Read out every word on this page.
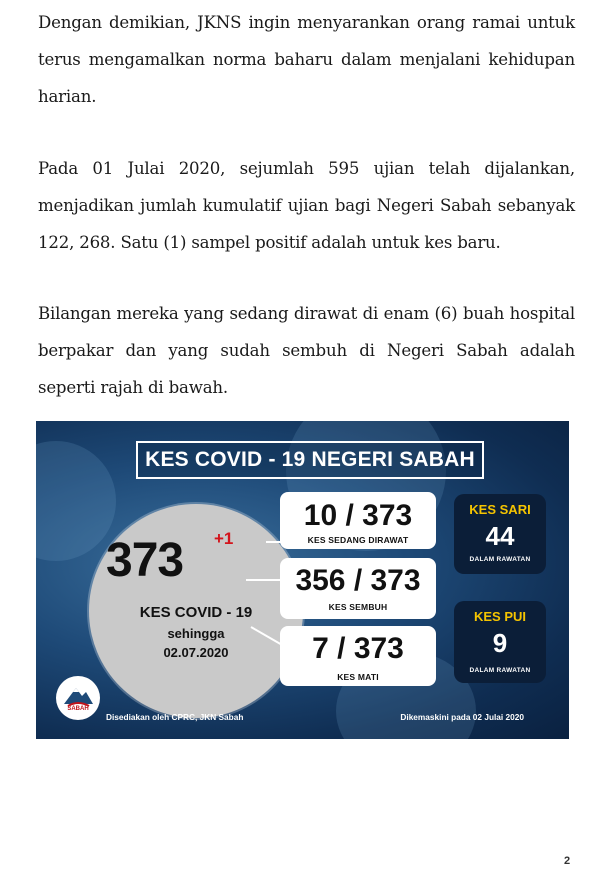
Dengan demikian, JKNS ingin menyarankan orang ramai untuk terus mengamalkan norma baharu dalam menjalani kehidupan harian.

Pada 01 Julai 2020, sejumlah 595 ujian telah dijalankan, menjadikan jumlah kumulatif ujian bagi Negeri Sabah sebanyak 122, 268. Satu (1) sampel positif adalah untuk kes baru.

Bilangan mereka yang sedang dirawat di enam (6) buah hospital berpakar dan yang sudah sembuh di Negeri Sabah adalah seperti rajah di bawah.

KES COVID - 19 NEGERI SABAH
373 +1
KES COVID - 19
sehingga
02.07.2020
10 / 373
KES SEDANG DIRAWAT
356 / 373
KES SEMBUH
7 / 373
KES MATI
KES SARI
44
DALAM RAWATAN
KES PUI
9
DALAM RAWATAN
SABAH
Disediakan oleh CPRC, JKN Sabah	Dikemaskini pada 02 Julai 2020
2
